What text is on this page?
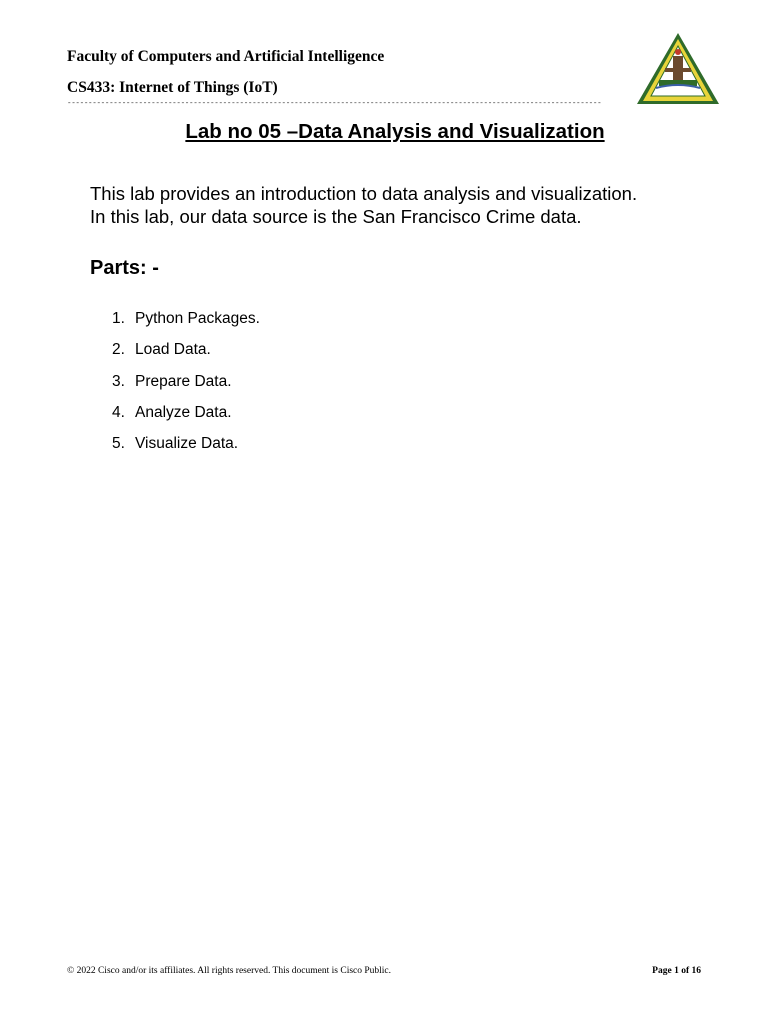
Faculty of Computers and Artificial Intelligence
CS433: Internet of Things (IoT)
-------------------------------------------------------------------------------------------------------------------------------
Lab no 05 –Data Analysis and Visualization
This lab provides an introduction to data analysis and visualization.
In this lab, our data source is the San Francisco Crime data.
Parts: -
1. Python Packages.
2. Load Data.
3. Prepare Data.
4. Analyze Data.
5. Visualize Data.
© 2022 Cisco and/or its affiliates. All rights reserved. This document is Cisco Public.	Page 1 of 16
